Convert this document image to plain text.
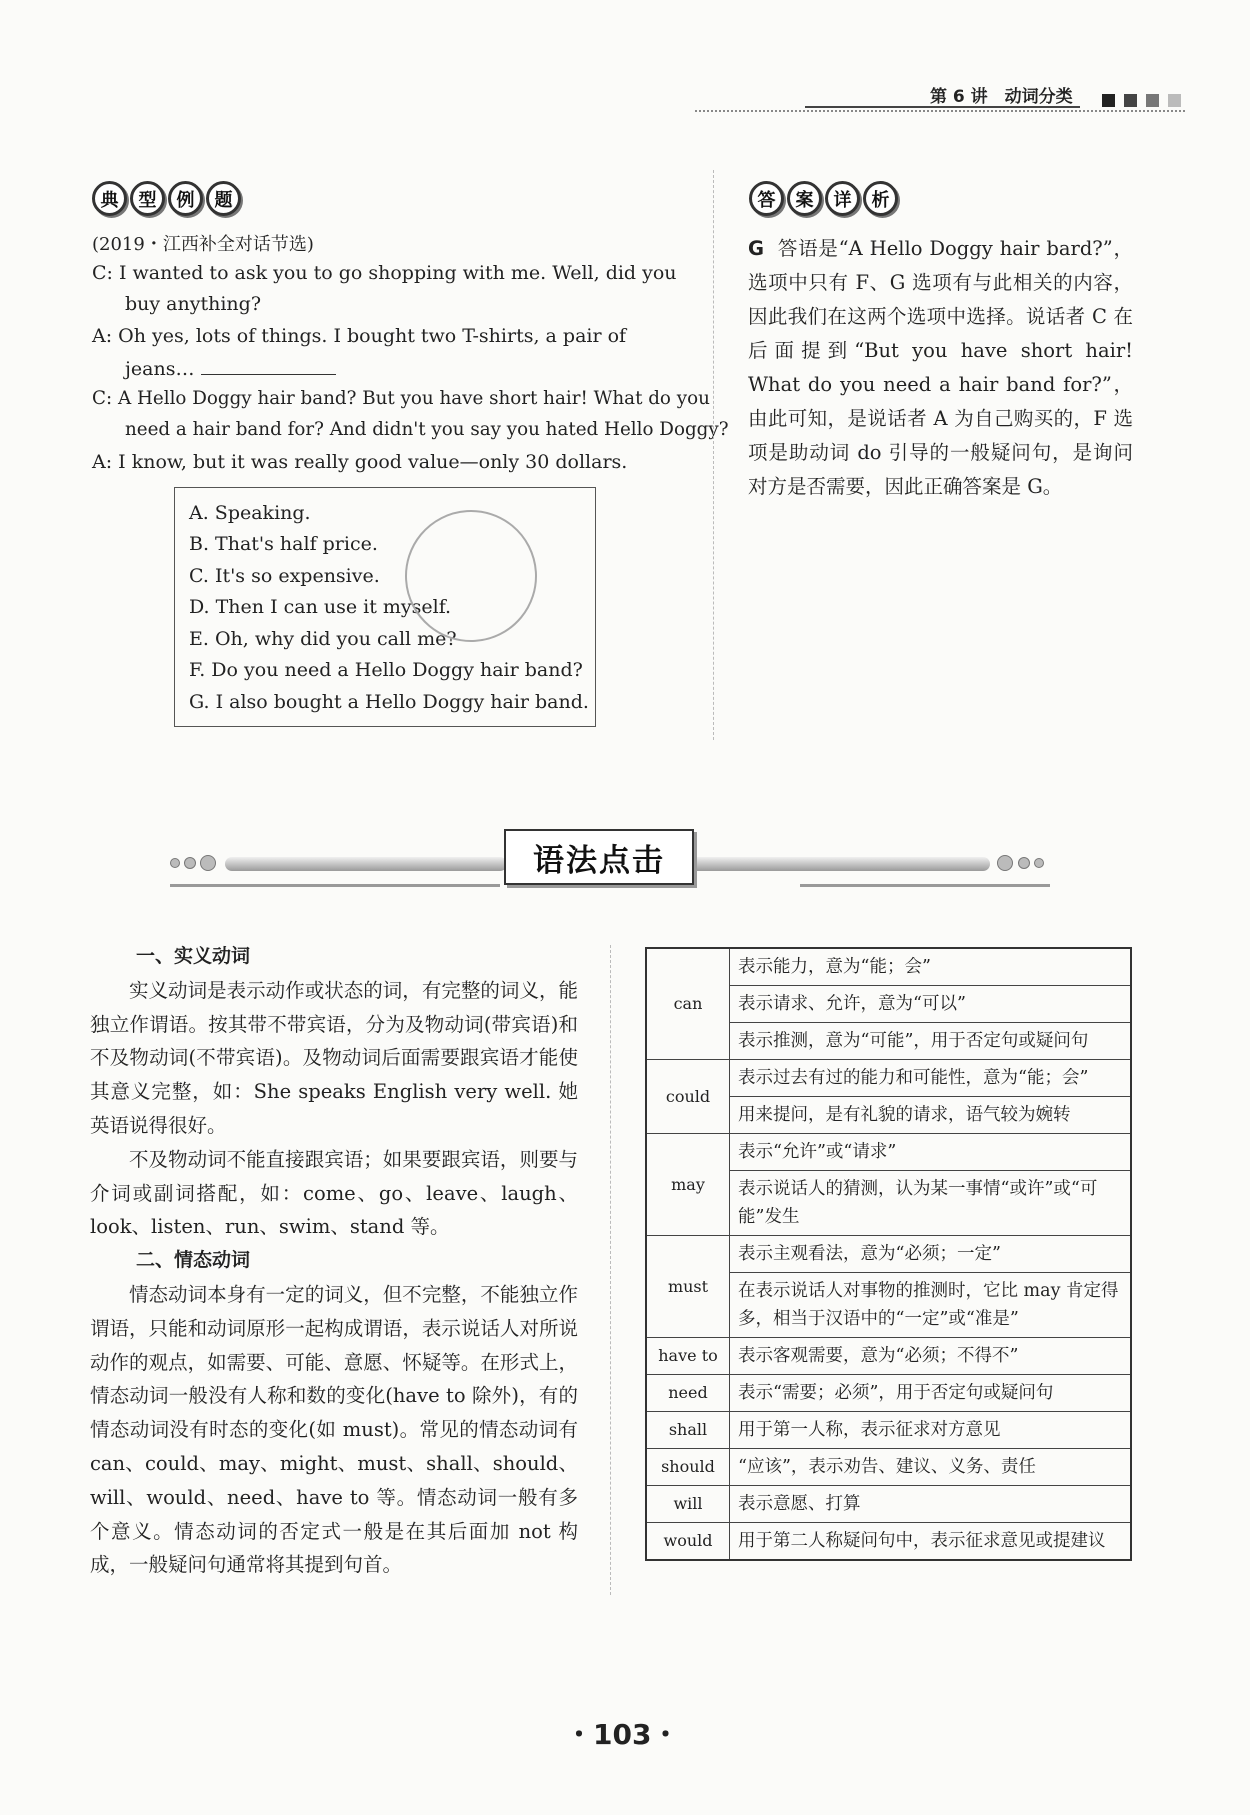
第 6 讲　动词分类
典	型	例	题
(2019・江西补全对话节选)
C: I wanted to ask you to go shopping with me. Well, did you
buy anything?
A: Oh yes, lots of things. I bought two T-shirts, a pair of
jeans…
C: A Hello Doggy hair band? But you have short hair! What do you
need a hair band for? And didn't you say you hated Hello Doggy?
A: I know, but it was really good value—only 30 dollars.
A. Speaking.
B. That's half price.
C. It's so expensive.
D. Then I can use it myself.
E. Oh, why did you call me?
F. Do you need a Hello Doggy hair band?
G. I also bought a Hello Doggy hair band.
答	案	详	析
G 答语是“A Hello Doggy hair bard?”，选项中只有 F、G 选项有与此相关的内容，因此我们在这两个选项中选择。说话者 C 在后面提到“But you have short hair! What do you need a hair band for?”，由此可知，是说话者 A 为自己购买的，F 选项是助动词 do 引导的一般疑问句，是询问对方是否需要，因此正确答案是 G。
语法点击
一、实义动词

实义动词是表示动作或状态的词，有完整的词义，能独立作谓语。按其带不带宾语，分为及物动词(带宾语)和不及物动词(不带宾语)。及物动词后面需要跟宾语才能使其意义完整，如：She speaks English very well. 她英语说得很好。

不及物动词不能直接跟宾语；如果要跟宾语，则要与介词或副词搭配，如：come、go、leave、laugh、look、listen、run、swim、stand 等。

二、情态动词

情态动词本身有一定的词义，但不完整，不能独立作谓语，只能和动词原形一起构成谓语，表示说话人对所说动作的观点，如需要、可能、意愿、怀疑等。在形式上，情态动词一般没有人称和数的变化(have to 除外)，有的情态动词没有时态的变化(如 must)。常见的情态动词有 can、could、may、might、must、shall、should、will、would、need、have to 等。情态动词一般有多个意义。情态动词的否定式一般是在其后面加 not 构成，一般疑问句通常将其提到句首。

can	表示能力，意为“能；会”
	表示请求、允许，意为“可以”
	表示推测，意为“可能”，用于否定句或疑问句
could	表示过去有过的能力和可能性，意为“能；会”
	用来提问，是有礼貌的请求，语气较为婉转
may	表示“允许”或“请求”
	表示说话人的猜测，认为某一事情“或许”或“可能”发生
must	表示主观看法，意为“必须；一定”
	在表示说话人对事物的推测时，它比 may 肯定得多，相当于汉语中的“一定”或“准是”
have to	表示客观需要，意为“必须；不得不”
need	表示“需要；必须”，用于否定句或疑问句
shall	用于第一人称，表示征求对方意见
should	“应该”，表示劝告、建议、义务、责任
will	表示意愿、打算
would	用于第二人称疑问句中，表示征求意见或提建议
・103・
